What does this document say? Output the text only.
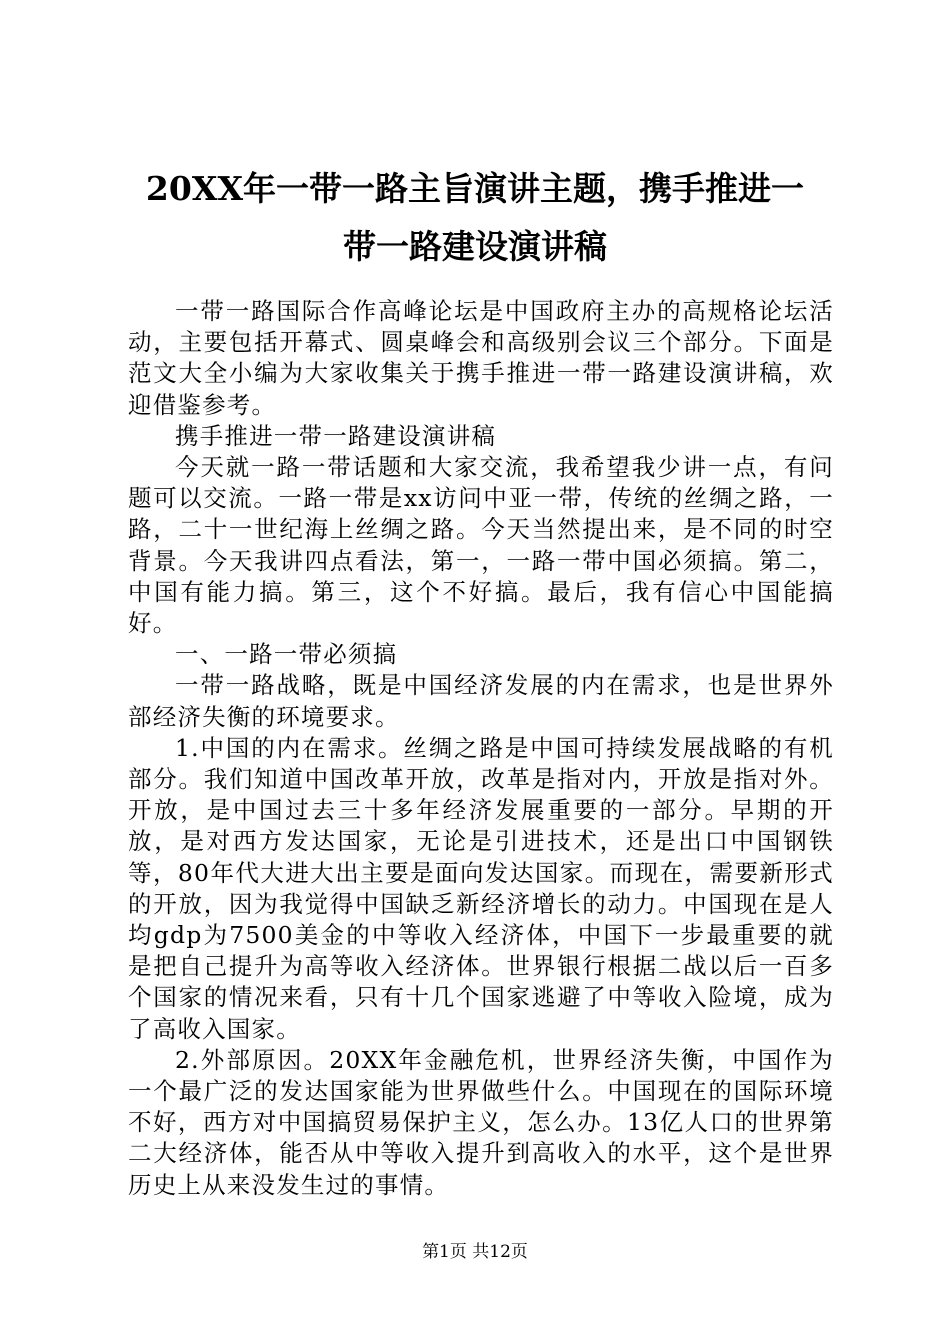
20XX年一带一路主旨演讲主题，携手推进一
带一路建设演讲稿

一带一路国际合作高峰论坛是中国政府主办的高规格论坛活动，主要包括开幕式、圆桌峰会和高级别会议三个部分。下面是范文大全小编为大家收集关于携手推进一带一路建设演讲稿，欢迎借鉴参考。

携手推进一带一路建设演讲稿

今天就一路一带话题和大家交流，我希望我少讲一点，有问题可以交流。一路一带是xx访问中亚一带，传统的丝绸之路，一路，二十一世纪海上丝绸之路。今天当然提出来，是不同的时空背景。今天我讲四点看法，第一，一路一带中国必须搞。第二，中国有能力搞。第三，这个不好搞。最后，我有信心中国能搞好。

一、一路一带必须搞

一带一路战略，既是中国经济发展的内在需求，也是世界外部经济失衡的环境要求。

1.中国的内在需求。丝绸之路是中国可持续发展战略的有机部分。我们知道中国改革开放，改革是指对内，开放是指对外。开放，是中国过去三十多年经济发展重要的一部分。早期的开放，是对西方发达国家，无论是引进技术，还是出口中国钢铁等，80年代大进大出主要是面向发达国家。而现在，需要新形式的开放，因为我觉得中国缺乏新经济增长的动力。中国现在是人均gdp为7500美金的中等收入经济体，中国下一步最重要的就是把自己提升为高等收入经济体。世界银行根据二战以后一百多个国家的情况来看，只有十几个国家逃避了中等收入险境，成为了高收入国家。

2.外部原因。20XX年金融危机，世界经济失衡，中国作为一个最广泛的发达国家能为世界做些什么。中国现在的国际环境不好，西方对中国搞贸易保护主义，怎么办。13亿人口的世界第二大经济体，能否从中等收入提升到高收入的水平，这个是世界历史上从来没发生过的事情。

第1页 共12页
